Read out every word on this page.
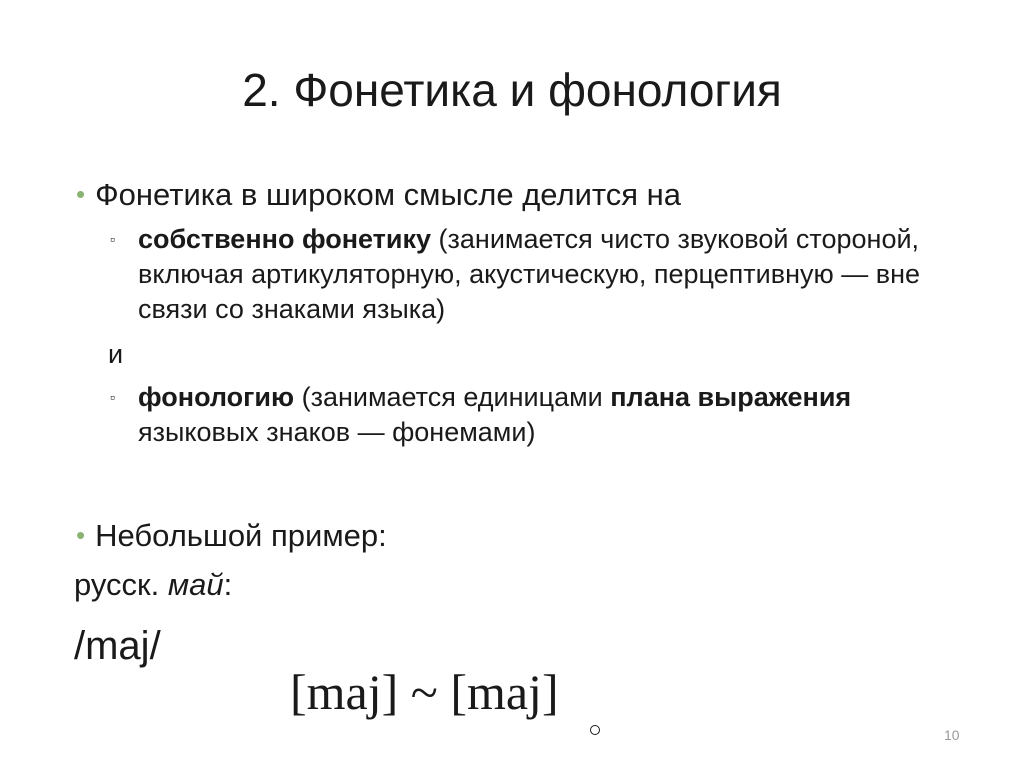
2. Фонетика и фонология
• Фонетика в широком смысле делится на
▫ собственно фонетику (занимается чисто звуковой стороной, включая артикуляторную, акустическую, перцептивную — вне связи со знаками языка)
и
▫ фонологию (занимается единицами плана выражения языковых знаков — фонемами)
• Небольшой пример:
русск. май:
/maj/
[maj] ~ [maj]
10
